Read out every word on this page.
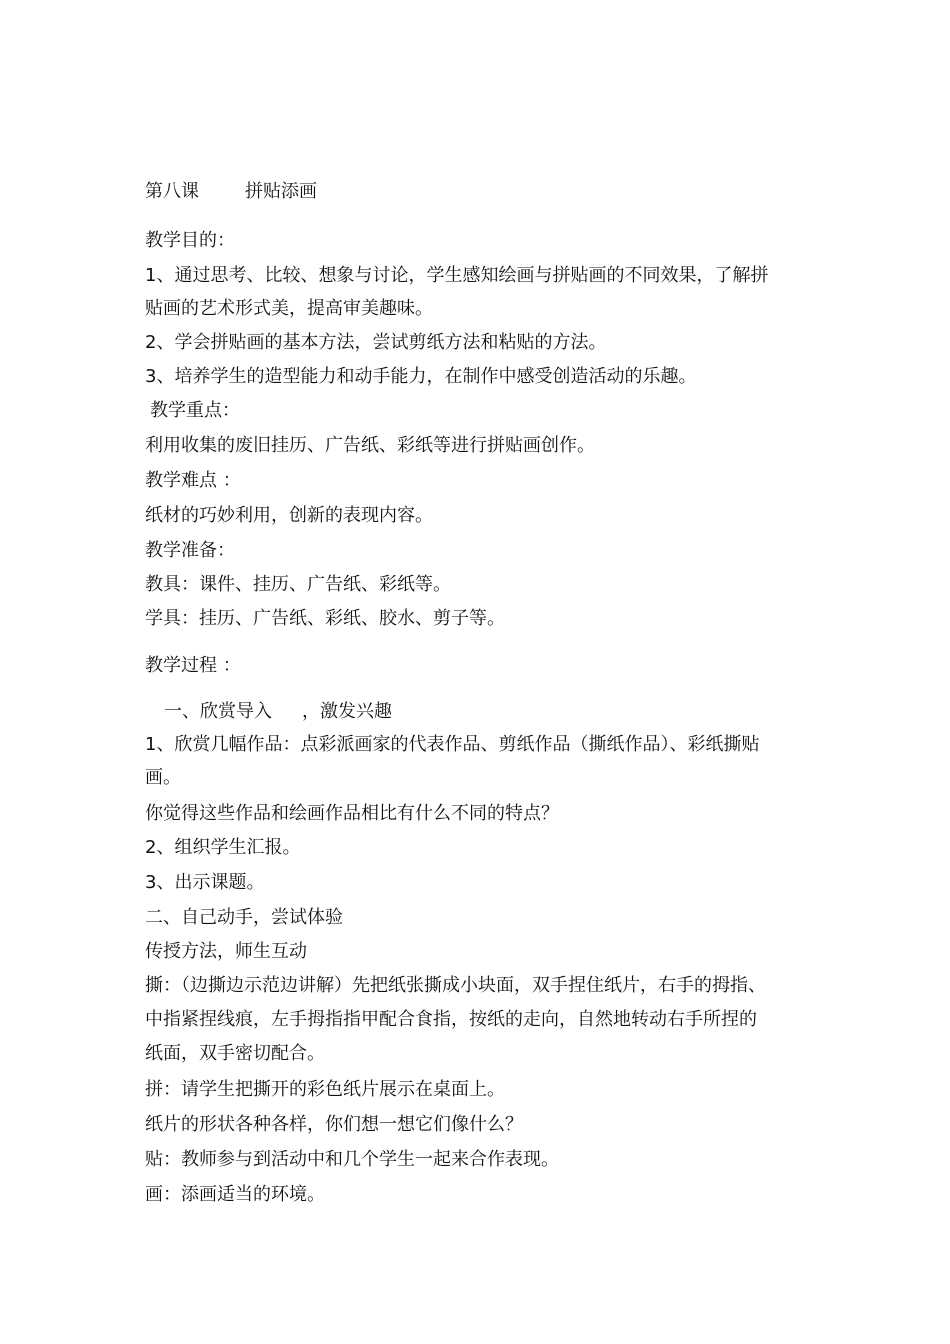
第八课	拼贴添画
教学目的：
1、通过思考、比较、想象与讨论，学生感知绘画与拼贴画的不同效果，了解拼
贴画的艺术形式美，提高审美趣味。
2、学会拼贴画的基本方法，尝试剪纸方法和粘贴的方法。
3、培养学生的造型能力和动手能力，在制作中感受创造活动的乐趣。
教学重点：
利用收集的废旧挂历、广告纸、彩纸等进行拼贴画创作。
教学难点 ：
纸材的巧妙利用，创新的表现内容。
教学准备：
教具：课件、挂历、广告纸、彩纸等。
学具：挂历、广告纸、彩纸、胶水、剪子等。
教学过程 ：
一、欣赏导入 ，激发兴趣
1、欣赏几幅作品：点彩派画家的代表作品、剪纸作品（撕纸作品）、彩纸撕贴
画。
你觉得这些作品和绘画作品相比有什么不同的特点？
2、组织学生汇报。
3、出示课题。
二、自己动手，尝试体验
传授方法，师生互动
撕：（边撕边示范边讲解）先把纸张撕成小块面，双手捏住纸片，右手的拇指、
中指紧捏线痕，左手拇指指甲配合食指，按纸的走向，自然地转动右手所捏的
纸面，双手密切配合。
拼：请学生把撕开的彩色纸片展示在桌面上。
纸片的形状各种各样，你们想一想它们像什么？
贴：教师参与到活动中和几个学生一起来合作表现。
画：添画适当的环境。
